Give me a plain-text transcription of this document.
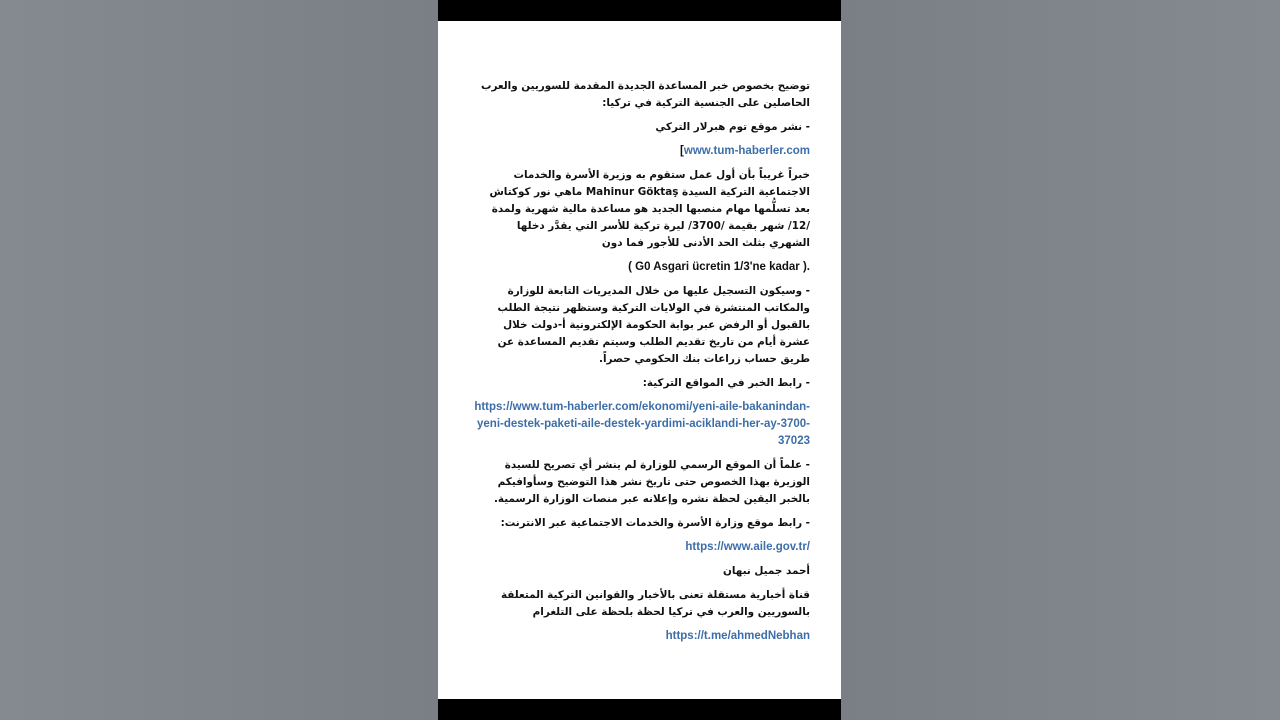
توضيح بخصوص خبر المساعدة الجديدة المقدمة للسوريين والعرب الحاصلين على الجنسية التركية في تركيا:

- نشر موقع توم هبرلار التركي

[www.tum-haberler.com

خبراً غريباً بأن أول عمل ستقوم به وزيرة الأسرة والخدمات الاجتماعية التركية السيدة Mahinur Göktaş ماهي نور كوكتاش بعد تسلُّمها مهام منصبها الجديد هو مساعدة مالية شهرية ولمدة /12/ شهر بقيمة /3700/ ليرة تركية للأسر التي يقدَّر دخلها الشهري بثلث الحد الأدنى للأجور فما دون

( G0 Asgari ücretin 1/3'ne kadar ).

- وسيكون التسجيل عليها من خلال المديريات التابعة للوزارة والمكاتب المنتشرة في الولايات التركية وستظهر نتيجة الطلب بالقبول أو الرفض عبر بوابة الحكومة الإلكترونية أ-دولت خلال عشرة أيام من تاريخ تقديم الطلب وسيتم تقديم المساعدة عن طريق حساب زراعات بنك الحكومي حصراً.

- رابط الخبر في المواقع التركية:

https://www.tum-haberler.com/ekonomi/yeni-aile-bakanindan-yeni-destek-paketi-aile-destek-yardimi-aciklandi-her-ay-3700-37023

- علماً أن الموقع الرسمي للوزارة لم ينشر أي تصريح للسيدة الوزيرة بهذا الخصوص حتى تاريخ نشر هذا التوضيح وسأوافيكم بالخبر اليقين لحظة نشره وإعلانه عبر منصات الوزارة الرسمية.

- رابط موقع وزارة الأسرة والخدمات الاجتماعية عبر الانترنت:

https://www.aile.gov.tr/

أحمد جميل نبهان

قناة أخبارية مستقلة تعنى بالأخبار والقوانين التركية المتعلقة بالسوريين والعرب في تركيا لحظة بلحظة على التلغرام

https://t.me/ahmedNebhan
